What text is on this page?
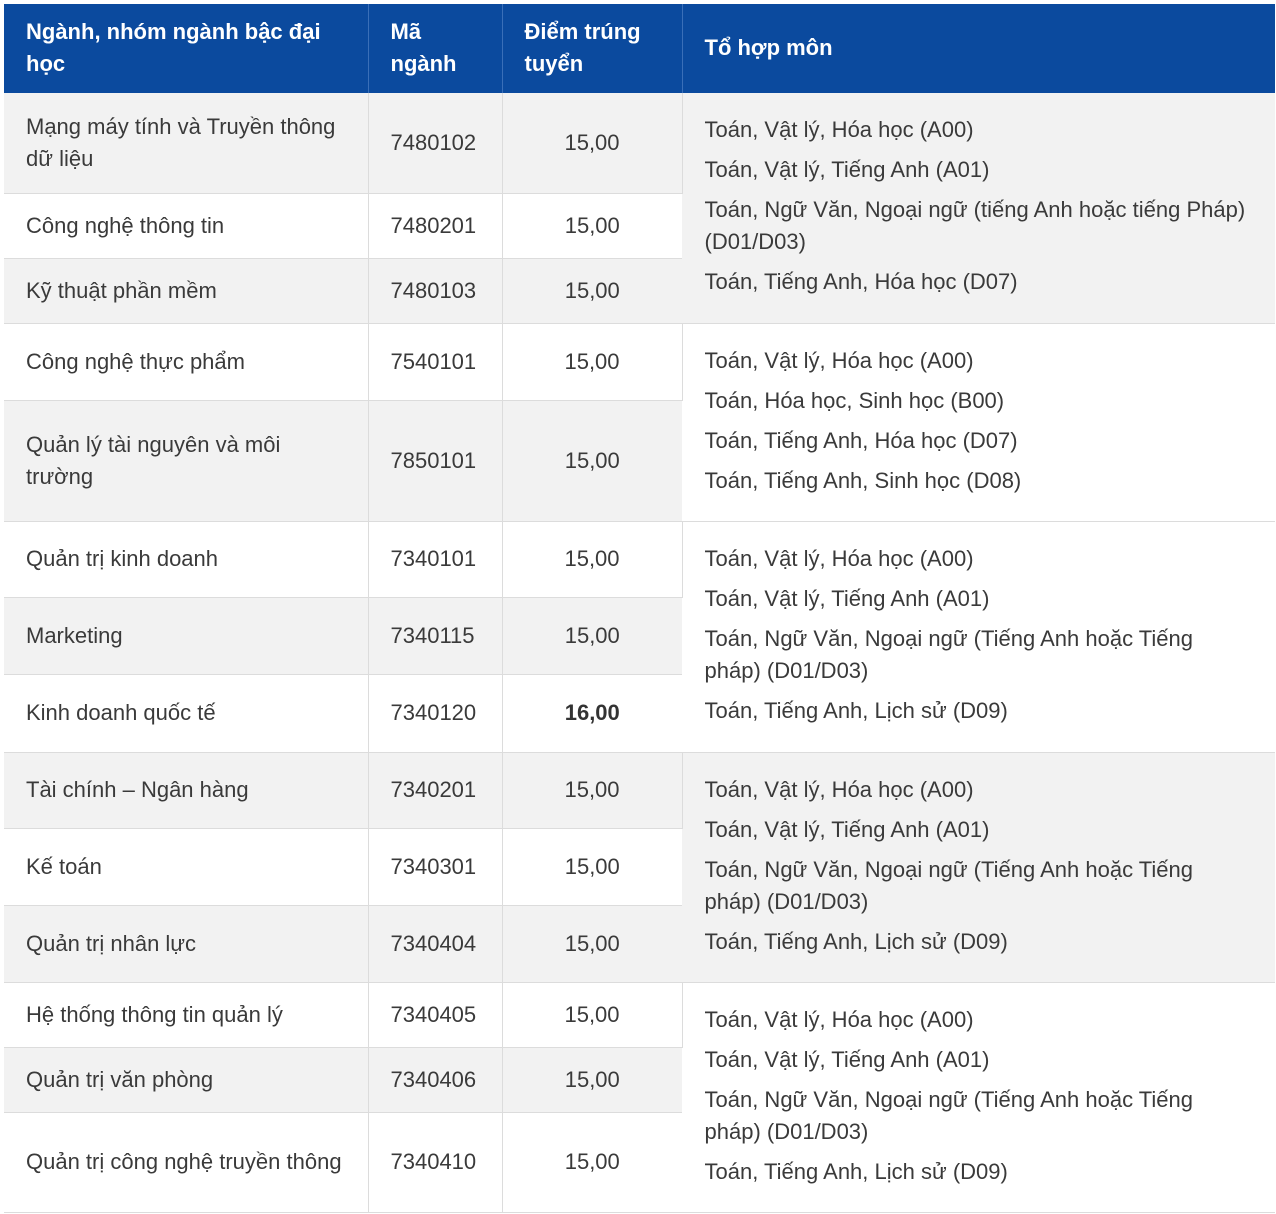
Ngành, nhóm ngành bậc đại học	Mã ngành	Điểm trúng tuyển	Tổ hợp môn
Mạng máy tính và Truyền thông dữ liệu	7480102	15,00	Toán, Vật lý, Hóa học (A00)
Toán, Vật lý, Tiếng Anh (A01)
Toán, Ngữ Văn, Ngoại ngữ (tiếng Anh hoặc tiếng Pháp) (D01/D03)
Toán, Tiếng Anh, Hóa học (D07)

Công nghệ thông tin	7480201	15,00	
Kỹ thuật phần mềm	7480103	15,00	
Công nghệ thực phẩm	7540101	15,00	Toán, Vật lý, Hóa học (A00)
Toán, Hóa học, Sinh học (B00)
Toán, Tiếng Anh, Hóa học (D07)
Toán, Tiếng Anh, Sinh học (D08)

Quản lý tài nguyên và môi trường	7850101	15,00	
Quản trị kinh doanh	7340101	15,00	Toán, Vật lý, Hóa học (A00)
Toán, Vật lý, Tiếng Anh (A01)
Toán, Ngữ Văn, Ngoại ngữ (Tiếng Anh hoặc Tiếng pháp) (D01/D03)
Toán, Tiếng Anh, Lịch sử (D09)

Marketing	7340115	15,00	
Kinh doanh quốc tế	7340120	16,00	
Tài chính – Ngân hàng	7340201	15,00	Toán, Vật lý, Hóa học (A00)
Toán, Vật lý, Tiếng Anh (A01)
Toán, Ngữ Văn, Ngoại ngữ (Tiếng Anh hoặc Tiếng pháp) (D01/D03)
Toán, Tiếng Anh, Lịch sử (D09)

Kế toán	7340301	15,00	
Quản trị nhân lực	7340404	15,00	
Hệ thống thông tin quản lý	7340405	15,00	Toán, Vật lý, Hóa học (A00)
Toán, Vật lý, Tiếng Anh (A01)
Toán, Ngữ Văn, Ngoại ngữ (Tiếng Anh hoặc Tiếng pháp) (D01/D03)
Toán, Tiếng Anh, Lịch sử (D09)

Quản trị văn phòng	7340406	15,00	
Quản trị công nghệ truyền thông	7340410	15,00	
